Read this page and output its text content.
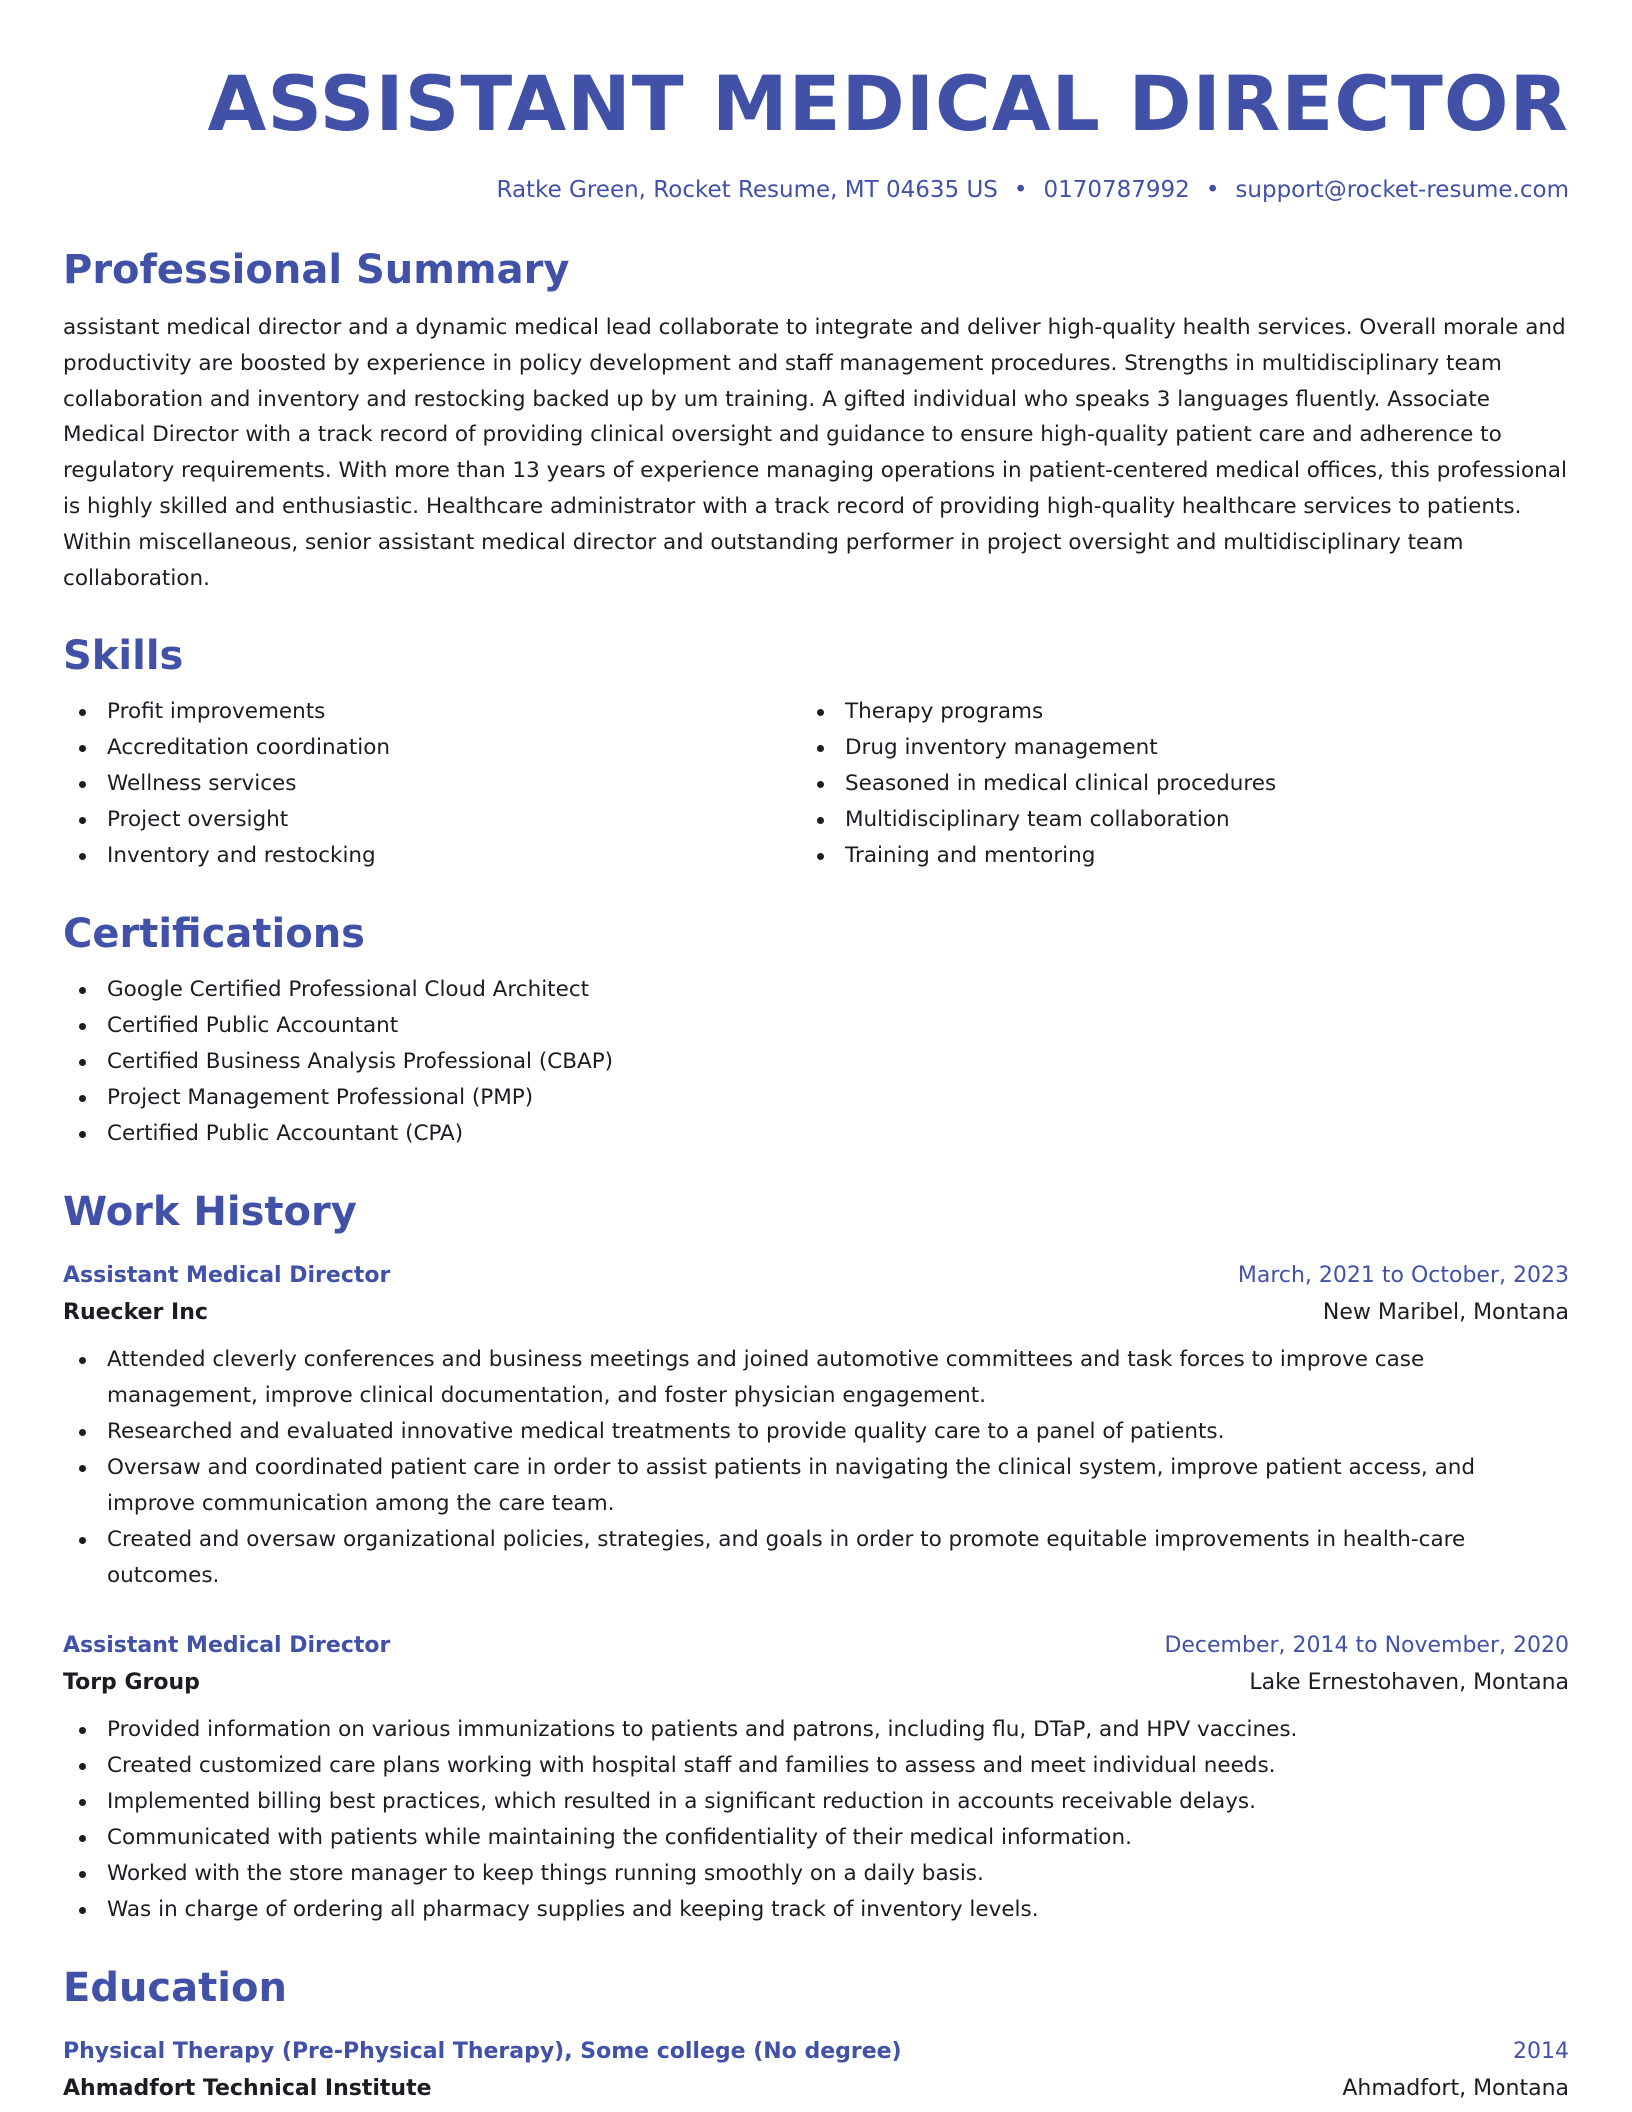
ASSISTANT MEDICAL DIRECTOR
Ratke Green, Rocket Resume, MT 04635 US • 0170787992 • support@rocket-resume.com
Professional Summary

assistant medical director and a dynamic medical lead collaborate to integrate and deliver high-quality health services. Overall morale and productivity are boosted by experience in policy development and staff management procedures. Strengths in multidisciplinary team collaboration and inventory and restocking backed up by um training. A gifted individual who speaks 3 languages fluently. Associate Medical Director with a track record of providing clinical oversight and guidance to ensure high-quality patient care and adherence to regulatory requirements. With more than 13 years of experience managing operations in patient-centered medical offices, this professional is highly skilled and enthusiastic. Healthcare administrator with a track record of providing high-quality healthcare services to patients. Within miscellaneous, senior assistant medical director and outstanding performer in project oversight and multidisciplinary team collaboration.

Skills
Profit improvements
Accreditation coordination
Wellness services
Project oversight
Inventory and restocking
Therapy programs
Drug inventory management
Seasoned in medical clinical procedures
Multidisciplinary team collaboration
Training and mentoring
Certifications
Google Certified Professional Cloud Architect
Certified Public Accountant
Certified Business Analysis Professional (CBAP)
Project Management Professional (PMP)
Certified Public Accountant (CPA)
Work History
Assistant Medical Director	March, 2021 to October, 2023
Ruecker Inc	New Maribel, Montana
Attended cleverly conferences and business meetings and joined automotive committees and task forces to improve case management, improve clinical documentation, and foster physician engagement.
Researched and evaluated innovative medical treatments to provide quality care to a panel of patients.
Oversaw and coordinated patient care in order to assist patients in navigating the clinical system, improve patient access, and improve communication among the care team.
Created and oversaw organizational policies, strategies, and goals in order to promote equitable improvements in health-care outcomes.
Assistant Medical Director	December, 2014 to November, 2020
Torp Group	Lake Ernestohaven, Montana
Provided information on various immunizations to patients and patrons, including flu, DTaP, and HPV vaccines.
Created customized care plans working with hospital staff and families to assess and meet individual needs.
Implemented billing best practices, which resulted in a significant reduction in accounts receivable delays.
Communicated with patients while maintaining the confidentiality of their medical information.
Worked with the store manager to keep things running smoothly on a daily basis.
Was in charge of ordering all pharmacy supplies and keeping track of inventory levels.
Education
Physical Therapy (Pre-Physical Therapy), Some college (No degree)	2014
Ahmadfort Technical Institute	Ahmadfort, Montana
